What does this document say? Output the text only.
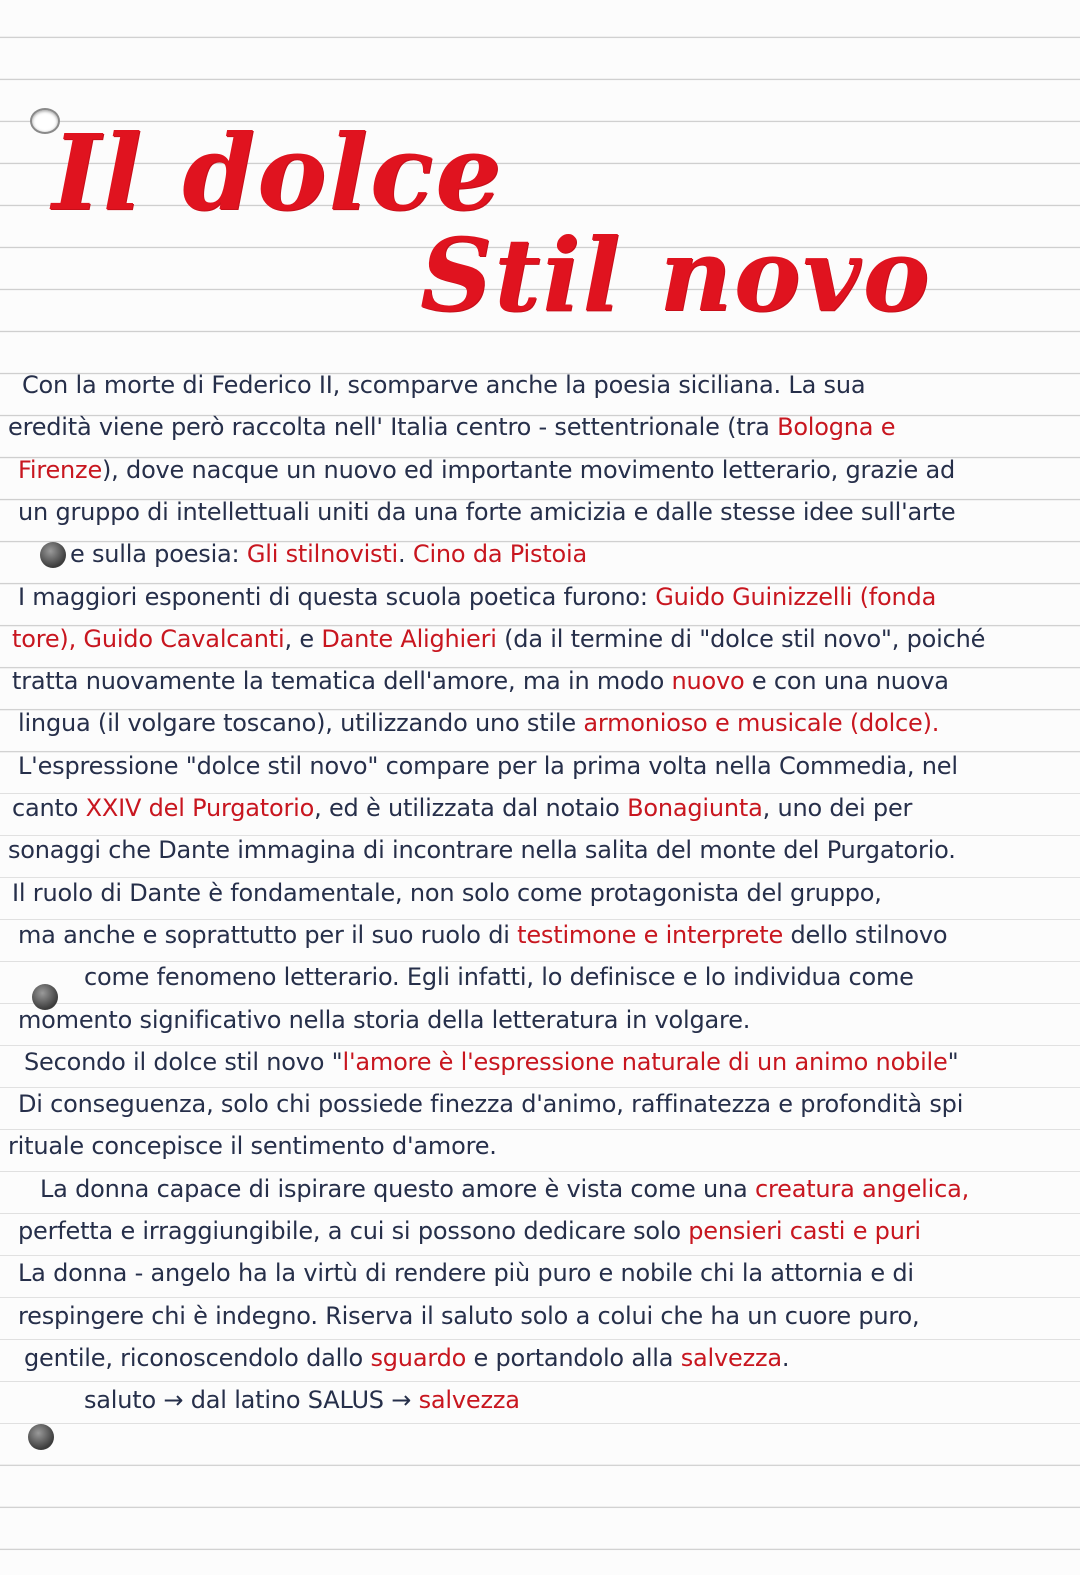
Il dolce
Stil novo
Con la morte di Federico II, scomparve anche la poesia siciliana. La sua
eredità viene però raccolta nell' Italia centro - settentrionale (tra Bologna e
Firenze), dove nacque un nuovo ed importante movimento letterario, grazie ad
un gruppo di intellettuali uniti da una forte amicizia e dalle stesse idee sull'arte
e sulla poesia: Gli stilnovisti. Cino da Pistoia
I maggiori esponenti di questa scuola poetica furono: Guido Guinizzelli (fonda
tore), Guido Cavalcanti, e Dante Alighieri (da il termine di "dolce stil novo", poiché
tratta nuovamente la tematica dell'amore, ma in modo nuovo e con una nuova
lingua (il volgare toscano), utilizzando uno stile armonioso e musicale (dolce).
L'espressione "dolce stil novo" compare per la prima volta nella Commedia, nel
canto XXIV del Purgatorio, ed è utilizzata dal notaio Bonagiunta, uno dei per
sonaggi che Dante immagina di incontrare nella salita del monte del Purgatorio.
Il ruolo di Dante è fondamentale, non solo come protagonista del gruppo,
ma anche e soprattutto per il suo ruolo di testimone e interprete dello stilnovo
come fenomeno letterario. Egli infatti, lo definisce e lo individua come
momento significativo nella storia della letteratura in volgare.
Secondo il dolce stil novo "l'amore è l'espressione naturale di un animo nobile"
Di conseguenza, solo chi possiede finezza d'animo, raffinatezza e profondità spi
rituale concepisce il sentimento d'amore.
La donna capace di ispirare questo amore è vista come una creatura angelica,
perfetta e irraggiungibile, a cui si possono dedicare solo pensieri casti e puri
La donna - angelo ha la virtù di rendere più puro e nobile chi la attornia e di
respingere chi è indegno. Riserva il saluto solo a colui che ha un cuore puro,
gentile, riconoscendolo dallo sguardo e portandolo alla salvezza.
saluto → dal latino SALUS → salvezza
